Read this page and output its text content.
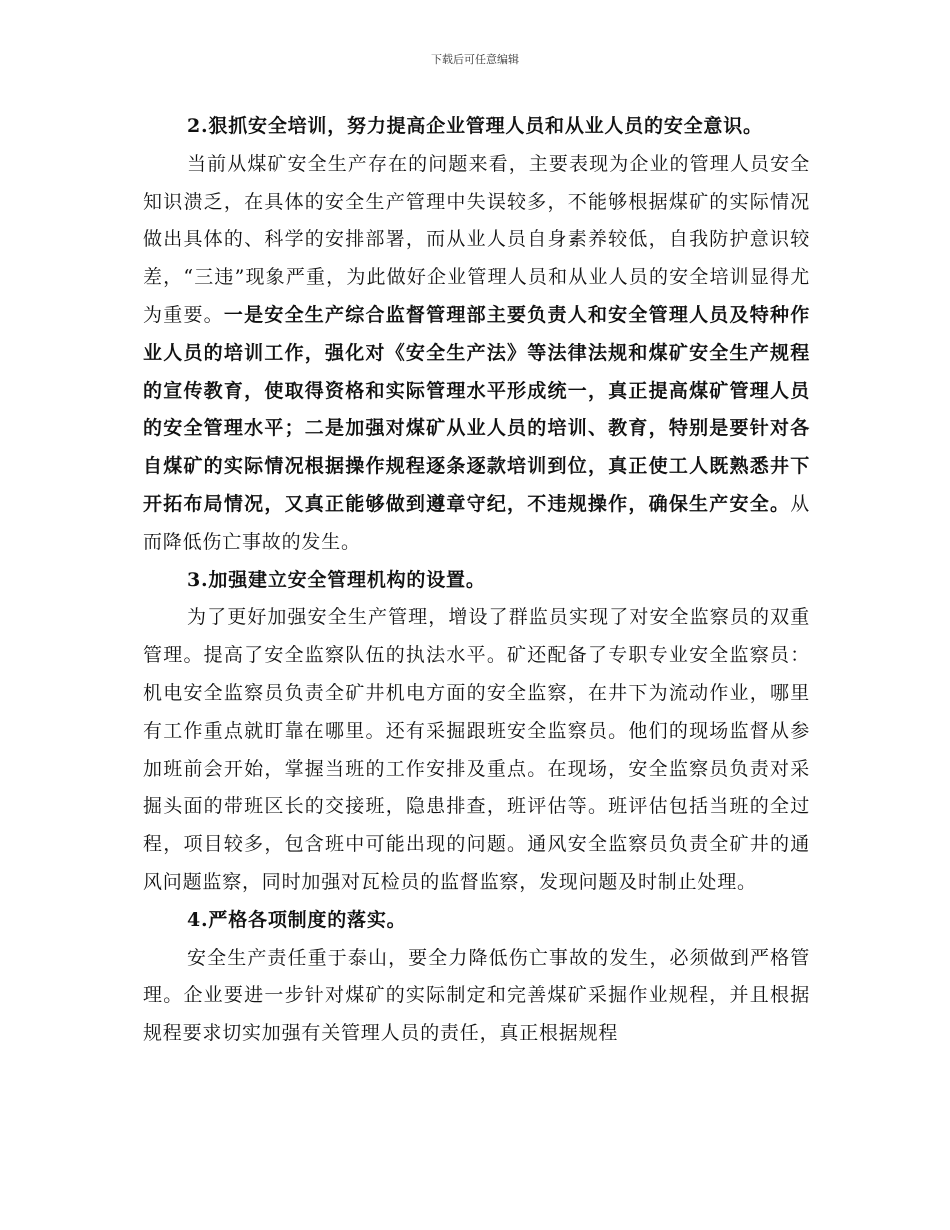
下载后可任意编辑

2.狠抓安全培训，努力提高企业管理人员和从业人员的安全意识。

当前从煤矿安全生产存在的问题来看，主要表现为企业的管理人员安全知识溃乏，在具体的安全生产管理中失误较多，不能够根据煤矿的实际情况做出具体的、科学的安排部署，而从业人员自身素养较低，自我防护意识较差，“三违”现象严重，为此做好企业管理人员和从业人员的安全培训显得尤为重要。一是安全生产综合监督管理部主要负责人和安全管理人员及特种作业人员的培训工作，强化对《安全生产法》等法律法规和煤矿安全生产规程的宣传教育，使取得资格和实际管理水平形成统一，真正提高煤矿管理人员的安全管理水平；二是加强对煤矿从业人员的培训、教育，特别是要针对各自煤矿的实际情况根据操作规程逐条逐款培训到位，真正使工人既熟悉井下开拓布局情况，又真正能够做到遵章守纪，不违规操作，确保生产安全。从而降低伤亡事故的发生。

3.加强建立安全管理机构的设置。

为了更好加强安全生产管理，增设了群监员实现了对安全监察员的双重管理。提高了安全监察队伍的执法水平。矿还配备了专职专业安全监察员：机电安全监察员负责全矿井机电方面的安全监察，在井下为流动作业，哪里有工作重点就盯靠在哪里。还有采掘跟班安全监察员。他们的现场监督从参加班前会开始，掌握当班的工作安排及重点。在现场，安全监察员负责对采掘头面的带班区长的交接班，隐患排查，班评估等。班评估包括当班的全过程，项目较多，包含班中可能出现的问题。通风安全监察员负责全矿井的通风问题监察，同时加强对瓦检员的监督监察，发现问题及时制止处理。

4.严格各项制度的落实。

安全生产责任重于泰山，要全力降低伤亡事故的发生，必须做到严格管理。企业要进一步针对煤矿的实际制定和完善煤矿采掘作业规程，并且根据规程要求切实加强有关管理人员的责任，真正根据规程
